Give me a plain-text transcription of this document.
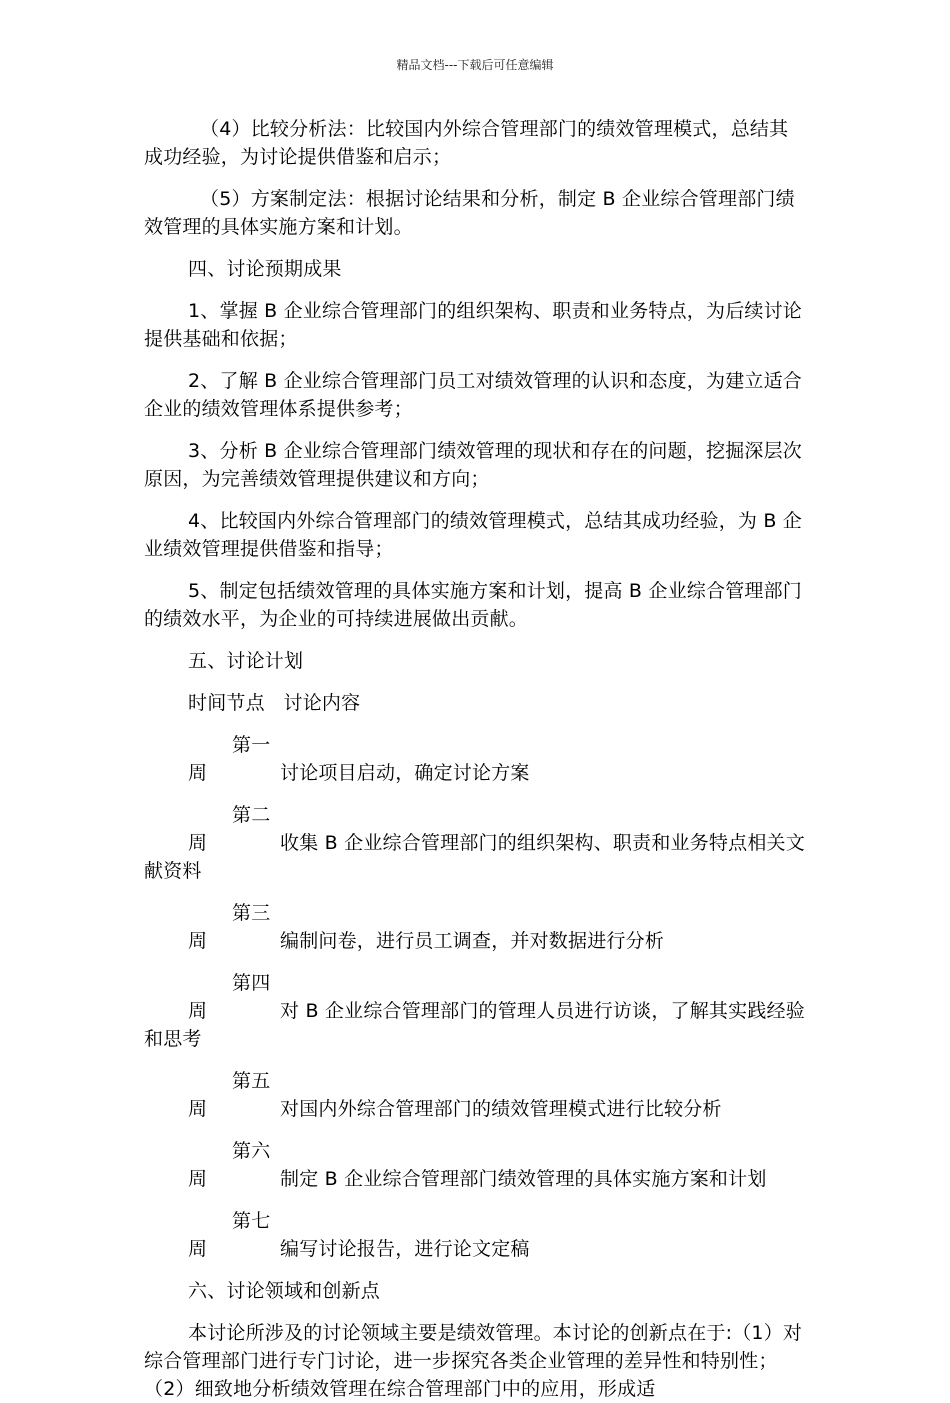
精品文档---下载后可任意编辑

（4）比较分析法：比较国内外综合管理部门的绩效管理模式，总结其成功经验，为讨论提供借鉴和启示；

（5）方案制定法：根据讨论结果和分析，制定 B 企业综合管理部门绩效管理的具体实施方案和计划。

四、讨论预期成果

1、掌握 B 企业综合管理部门的组织架构、职责和业务特点，为后续讨论提供基础和依据；

2、了解 B 企业综合管理部门员工对绩效管理的认识和态度，为建立适合企业的绩效管理体系提供参考；

3、分析 B 企业综合管理部门绩效管理的现状和存在的问题，挖掘深层次原因，为完善绩效管理提供建议和方向；

4、比较国内外综合管理部门的绩效管理模式，总结其成功经验，为 B 企业绩效管理提供借鉴和指导；

5、制定包括绩效管理的具体实施方案和计划，提高 B 企业综合管理部门的绩效水平，为企业的可持续进展做出贡献。

五、讨论计划

时间节点 讨论内容

第一周	讨论项目启动，确定讨论方案

第二周	收集 B 企业综合管理部门的组织架构、职责和业务特点相关文献资料

第三周	编制问卷，进行员工调查，并对数据进行分析

第四周	对 B 企业综合管理部门的管理人员进行访谈，了解其实践经验和思考

第五周	对国内外综合管理部门的绩效管理模式进行比较分析

第六周	制定 B 企业综合管理部门绩效管理的具体实施方案和计划

第七周	编写讨论报告，进行论文定稿

六、讨论领域和创新点

本讨论所涉及的讨论领域主要是绩效管理。本讨论的创新点在于:（1）对综合管理部门进行专门讨论，进一步探究各类企业管理的差异性和特别性；（2）细致地分析绩效管理在综合管理部门中的应用，形成适
